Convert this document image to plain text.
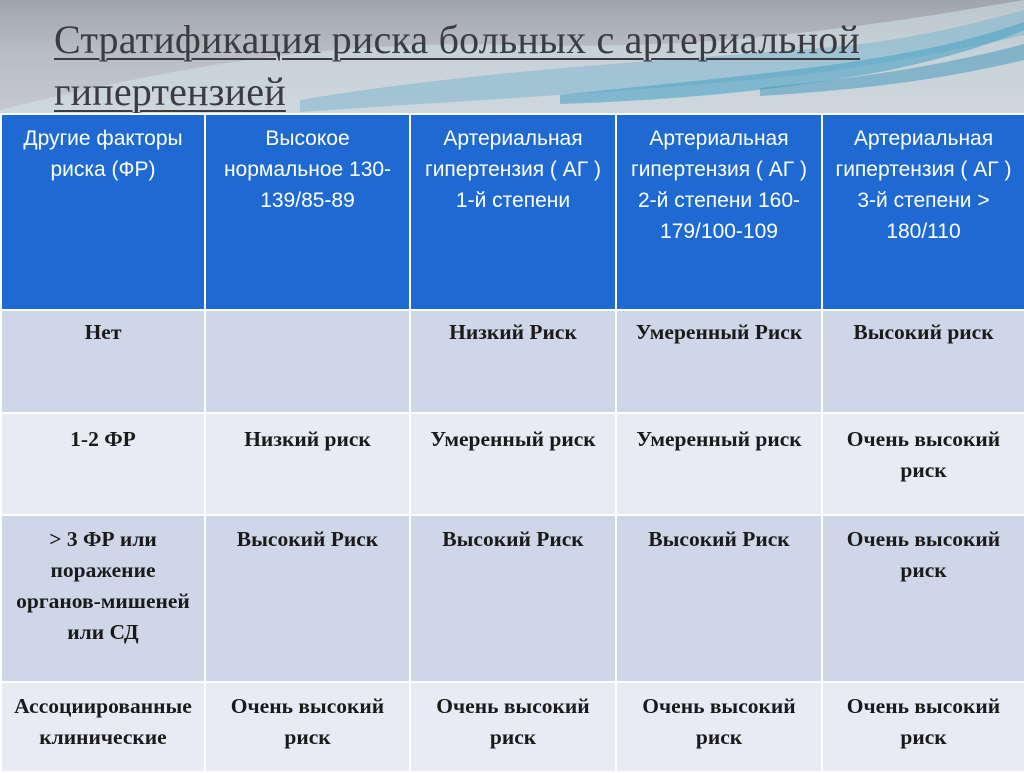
Стратификация риска больных с артериальной
гипертензией
Другие факторы риска (ФР)	Высокое нормальное 130-139/85-89	Артериальная гипертензия ( АГ ) 1-й степени	Артериальная гипертензия ( АГ ) 2-й степени 160-179/100-109	Артериальная гипертензия ( АГ ) 3-й степени > 180/110
Нет		Низкий Риск	Умеренный Риск	Высокий риск
1-2 ФР	Низкий риск	Умеренный риск	Умеренный риск	Очень высокий риск
> 3 ФР или поражение органов-мишеней или СД	Высокий Риск	Высокий Риск	Высокий Риск	Очень высокий риск
Ассоциированные клинические	Очень высокий риск	Очень высокий риск	Очень высокий риск	Очень высокий риск
